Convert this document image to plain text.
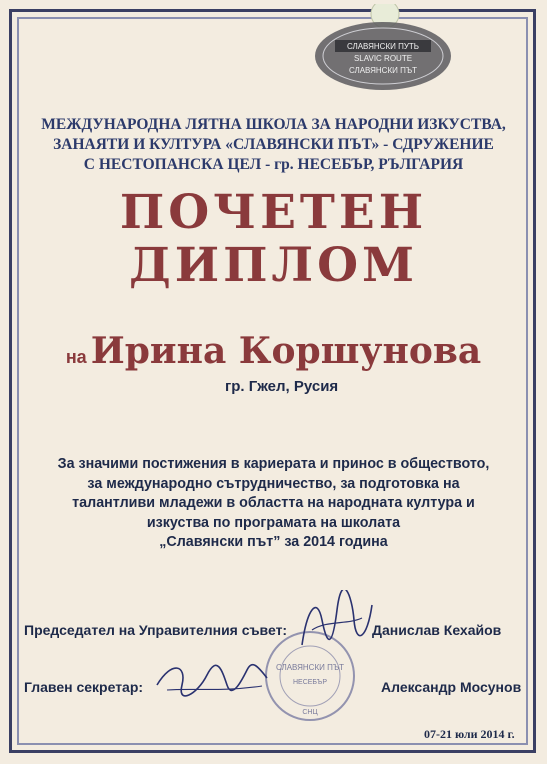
СЛАВЯНСКИ ПУТЬ
SLAVIC ROUTE
СЛАВЯНСКИ ПЪТ
МЕЖДУНАРОДНА ЛЯТНА ШКОЛА ЗА НАРОДНИ ИЗКУСТВА,
ЗАНАЯТИ И КУЛТУРА «СЛАВЯНСКИ ПЪТ» - СДРУЖЕНИЕ
С НЕСТОПАНСКА ЦЕЛ - гр. НЕСЕБЪР, РЪЛГАРИЯ
ПОЧЕТЕН
ДИПЛОМ
на Ирина Коршунова
гр. Гжел, Русия
За значими постижения в кариерата и принос в обществото,
за международно сътрудничество, за подготовка на
талантливи младежи в областта на народната култура и
изкуства по програмата на школата
„Славянски път” за 2014 година
СЛАВЯНСКИ ПЪТ
НЕСЕБЪР
СНЦ
Председател на Управителния съвет:	Данислав Кехайов
Главен секретар:	Александр Мосунов
07-21 юли 2014 г.
